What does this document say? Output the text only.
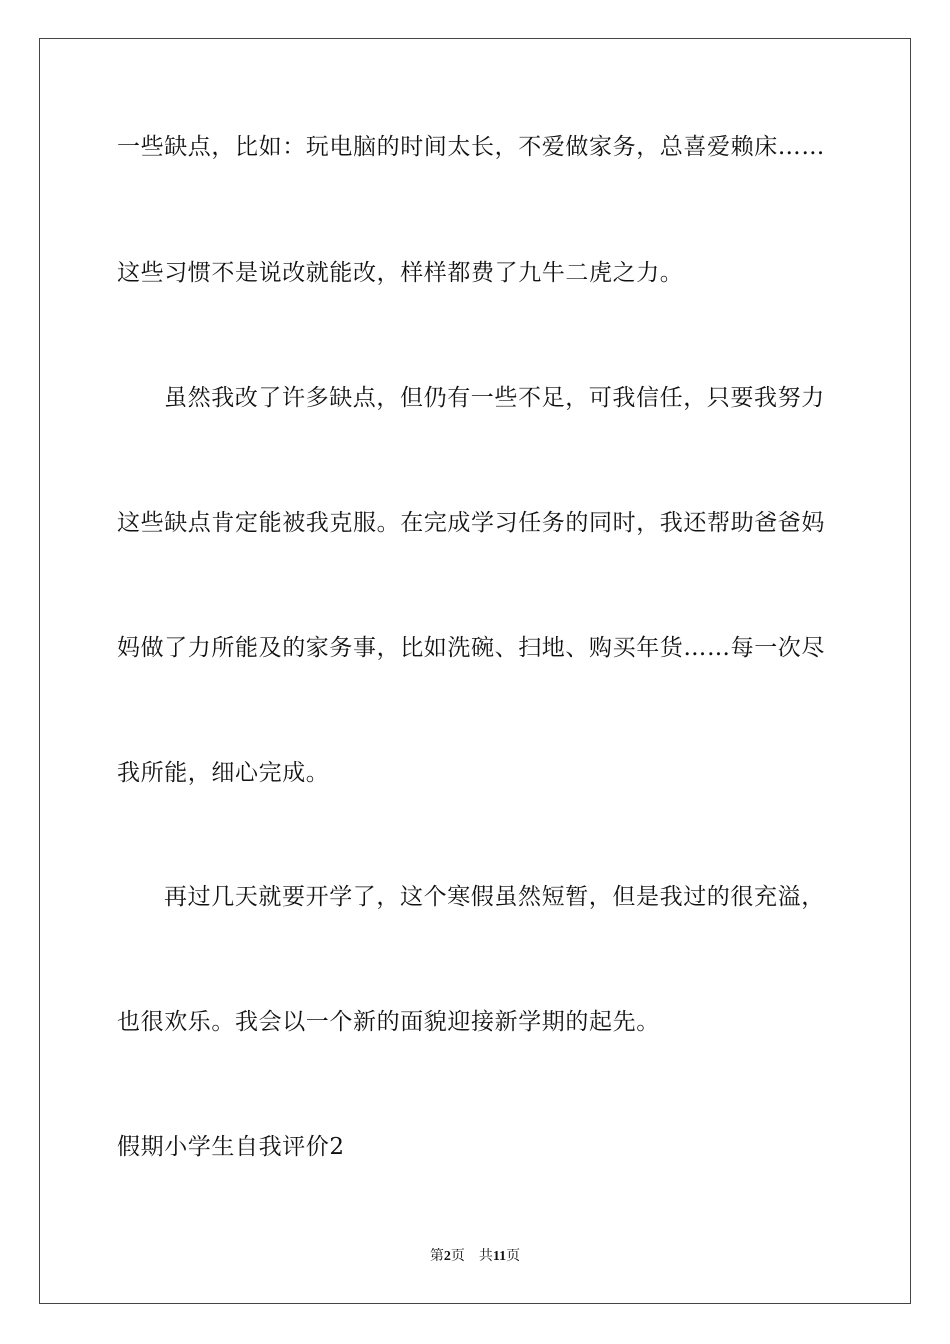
一些缺点，比如：玩电脑的时间太长，不爱做家务，总喜爱赖床……
这些习惯不是说改就能改，样样都费了九牛二虎之力。
虽然我改了许多缺点，但仍有一些不足，可我信任，只要我努力
这些缺点肯定能被我克服。在完成学习任务的同时，我还帮助爸爸妈
妈做了力所能及的家务事，比如洗碗、扫地、购买年货……每一次尽
我所能，细心完成。
再过几天就要开学了，这个寒假虽然短暂，但是我过的很充溢，
也很欢乐。我会以一个新的面貌迎接新学期的起先。
假期小学生自我评价2
第2页 共11页
